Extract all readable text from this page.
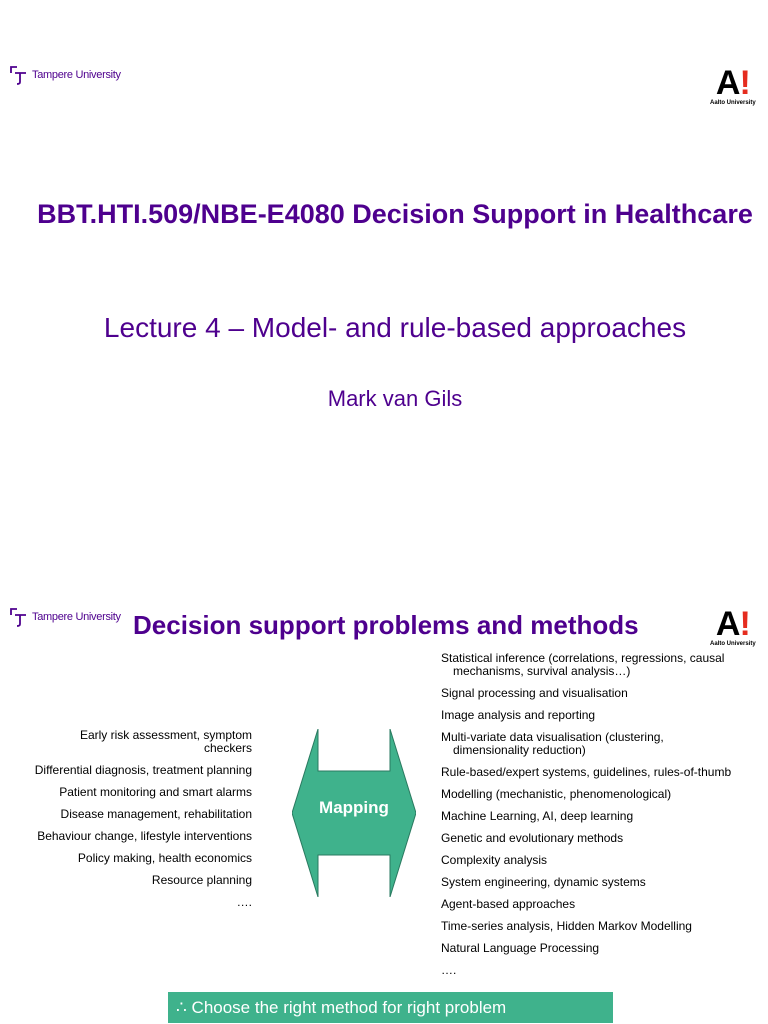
Tampere University	A!
Aalto University
BBT.HTI.509/NBE-E4080 Decision Support in Healthcare
Lecture 4 – Model- and rule-based approaches
Mark van Gils
Tampere University Decision support problems and methods A!
Aalto University
Early risk assessment, symptom checkers
Differential diagnosis, treatment planning
Patient monitoring and smart alarms
Disease management, rehabilitation
Behaviour change, lifestyle interventions
Policy making, health economics
Resource planning
….
Mapping
Statistical inference (correlations, regressions, causal mechanisms, survival analysis…)
Signal processing and visualisation
Image analysis and reporting
Multi-variate data visualisation (clustering, dimensionality reduction)
Rule-based/expert systems, guidelines, rules-of-thumb
Modelling (mechanistic, phenomenological)
Machine Learning, AI, deep learning
Genetic and evolutionary methods
Complexity analysis
System engineering, dynamic systems
Agent-based approaches
Time-series analysis, Hidden Markov Modelling
Natural Language Processing
….
∴ Choose the right method for right problem
